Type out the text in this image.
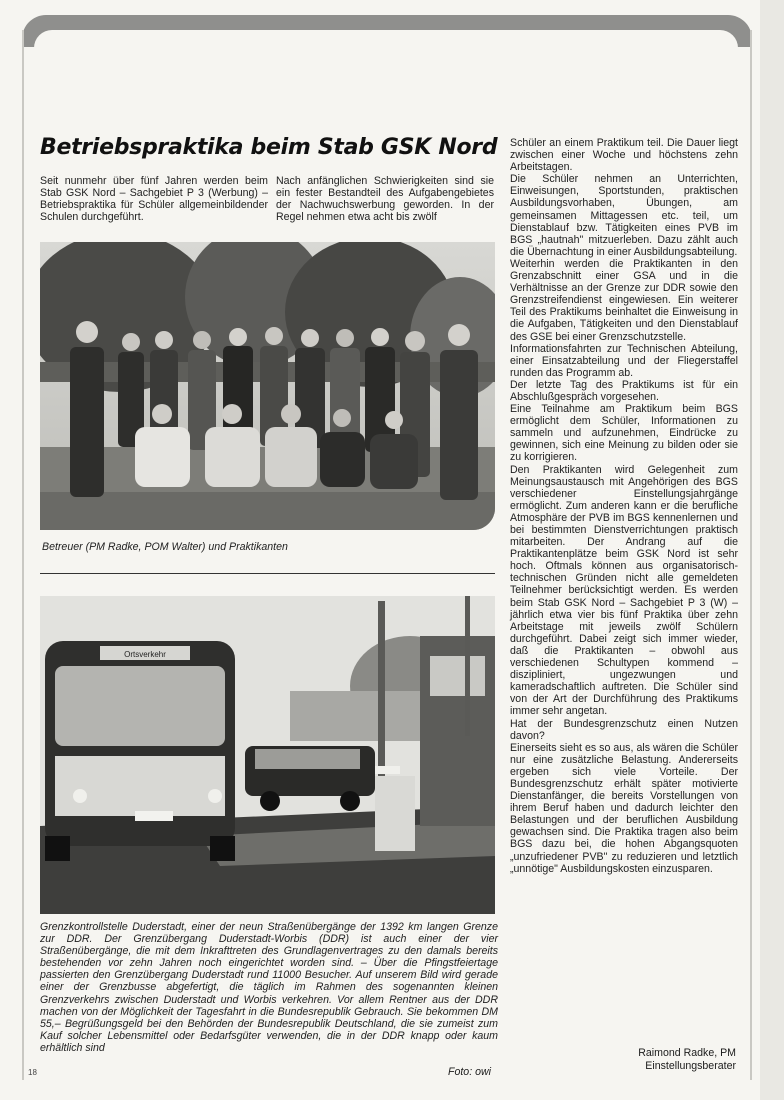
Betriebspraktika beim Stab GSK Nord

Seit nunmehr über fünf Jahren werden beim Stab GSK Nord – Sachgebiet P 3 (Werbung) – Betriebspraktika für Schüler allgemeinbildender Schulen durchgeführt.

Nach anfänglichen Schwierigkeiten sind sie ein fester Bestandteil des Aufgabengebietes der Nachwuchswerbung geworden. In der Regel nehmen etwa acht bis zwölf

Betreuer (PM Radke, POM Walter) und Praktikanten
Ortsverkehr

Grenzkontrollstelle Duderstadt, einer der neun Straßenübergänge der 1392 km langen Grenze zur DDR. Der Grenzübergang Duderstadt-Worbis (DDR) ist auch einer der vier Straßenübergänge, die mit dem Inkrafttreten des Grundlagenvertrages zu den damals bereits bestehenden vor zehn Jahren noch eingerichtet worden sind. – Über die Pfingstfeiertage passierten den Grenzübergang Duderstadt rund 11000 Besucher. Auf unserem Bild wird gerade einer der Grenzbusse abgefertigt, die täglich im Rahmen des sogenannten kleinen Grenzverkehrs zwischen Duderstadt und Worbis verkehren. Vor allem Rentner aus der DDR machen von der Möglichkeit der Tagesfahrt in die Bundesrepublik Gebrauch. Sie bekommen DM 55,– Begrüßungsgeld bei den Behörden der Bundesrepublik Deutschland, die sie zumeist zum Kauf solcher Lebensmittel oder Bedarfsgüter verwenden, die in der DDR knapp oder kaum erhältlich sind

Foto: owi
18

Schüler an einem Praktikum teil. Die Dauer liegt zwischen einer Woche und höchstens zehn Arbeitstagen.

Die Schüler nehmen an Unterrichten, Einweisungen, Sportstunden, praktischen Ausbildungsvorhaben, Übungen, am gemeinsamen Mittagessen etc. teil, um Dienstablauf bzw. Tätigkeiten eines PVB im BGS „hautnah" mitzuerleben. Dazu zählt auch die Übernachtung in einer Ausbildungsabteilung.

Weiterhin werden die Praktikanten in den Grenzabschnitt einer GSA und in die Verhältnisse an der Grenze zur DDR sowie den Grenzstreifendienst eingewiesen. Ein weiterer Teil des Praktikums beinhaltet die Einweisung in die Aufgaben, Tätigkeiten und den Dienstablauf des GSE bei einer Grenzschutzstelle.

Informationsfahrten zur Technischen Abteilung, einer Einsatzabteilung und der Fliegerstaffel runden das Programm ab.

Der letzte Tag des Praktikums ist für ein Abschlußgespräch vorgesehen.

Eine Teilnahme am Praktikum beim BGS ermöglicht dem Schüler, Informationen zu sammeln und aufzunehmen, Eindrücke zu gewinnen, sich eine Meinung zu bilden oder sie zu korrigieren.

Den Praktikanten wird Gelegenheit zum Meinungsaustausch mit Angehörigen des BGS verschiedener Einstellungsjahrgänge ermöglicht. Zum anderen kann er die berufliche Atmosphäre der PVB im BGS kennenlernen und bei bestimmten Dienstverrichtungen praktisch mitarbeiten. Der Andrang auf die Praktikantenplätze beim GSK Nord ist sehr hoch. Oftmals können aus organisatorisch-technischen Gründen nicht alle gemeldeten Teilnehmer berücksichtigt werden. Es werden beim Stab GSK Nord – Sachgebiet P 3 (W) – jährlich etwa vier bis fünf Praktika über zehn Arbeitstage mit jeweils zwölf Schülern durchgeführt. Dabei zeigt sich immer wieder, daß die Praktikanten – obwohl aus verschiedenen Schultypen kommend – diszipliniert, ungezwungen und kameradschaftlich auftreten. Die Schüler sind von der Art der Durchführung des Praktikums immer sehr angetan.

Hat der Bundesgrenzschutz einen Nutzen davon?

Einerseits sieht es so aus, als wären die Schüler nur eine zusätzliche Belastung. Andererseits ergeben sich viele Vorteile. Der Bundesgrenzschutz erhält später motivierte Dienstanfänger, die bereits Vorstellungen von ihrem Beruf haben und dadurch leichter den Belastungen und der beruflichen Ausbildung gewachsen sind. Die Praktika tragen also beim BGS dazu bei, die hohen Abgangsquoten „unzufriedener PVB" zu reduzieren und letztlich „unnötige" Ausbildungskosten einzusparen.

Raimond Radke, PM
Einstellungsberater
